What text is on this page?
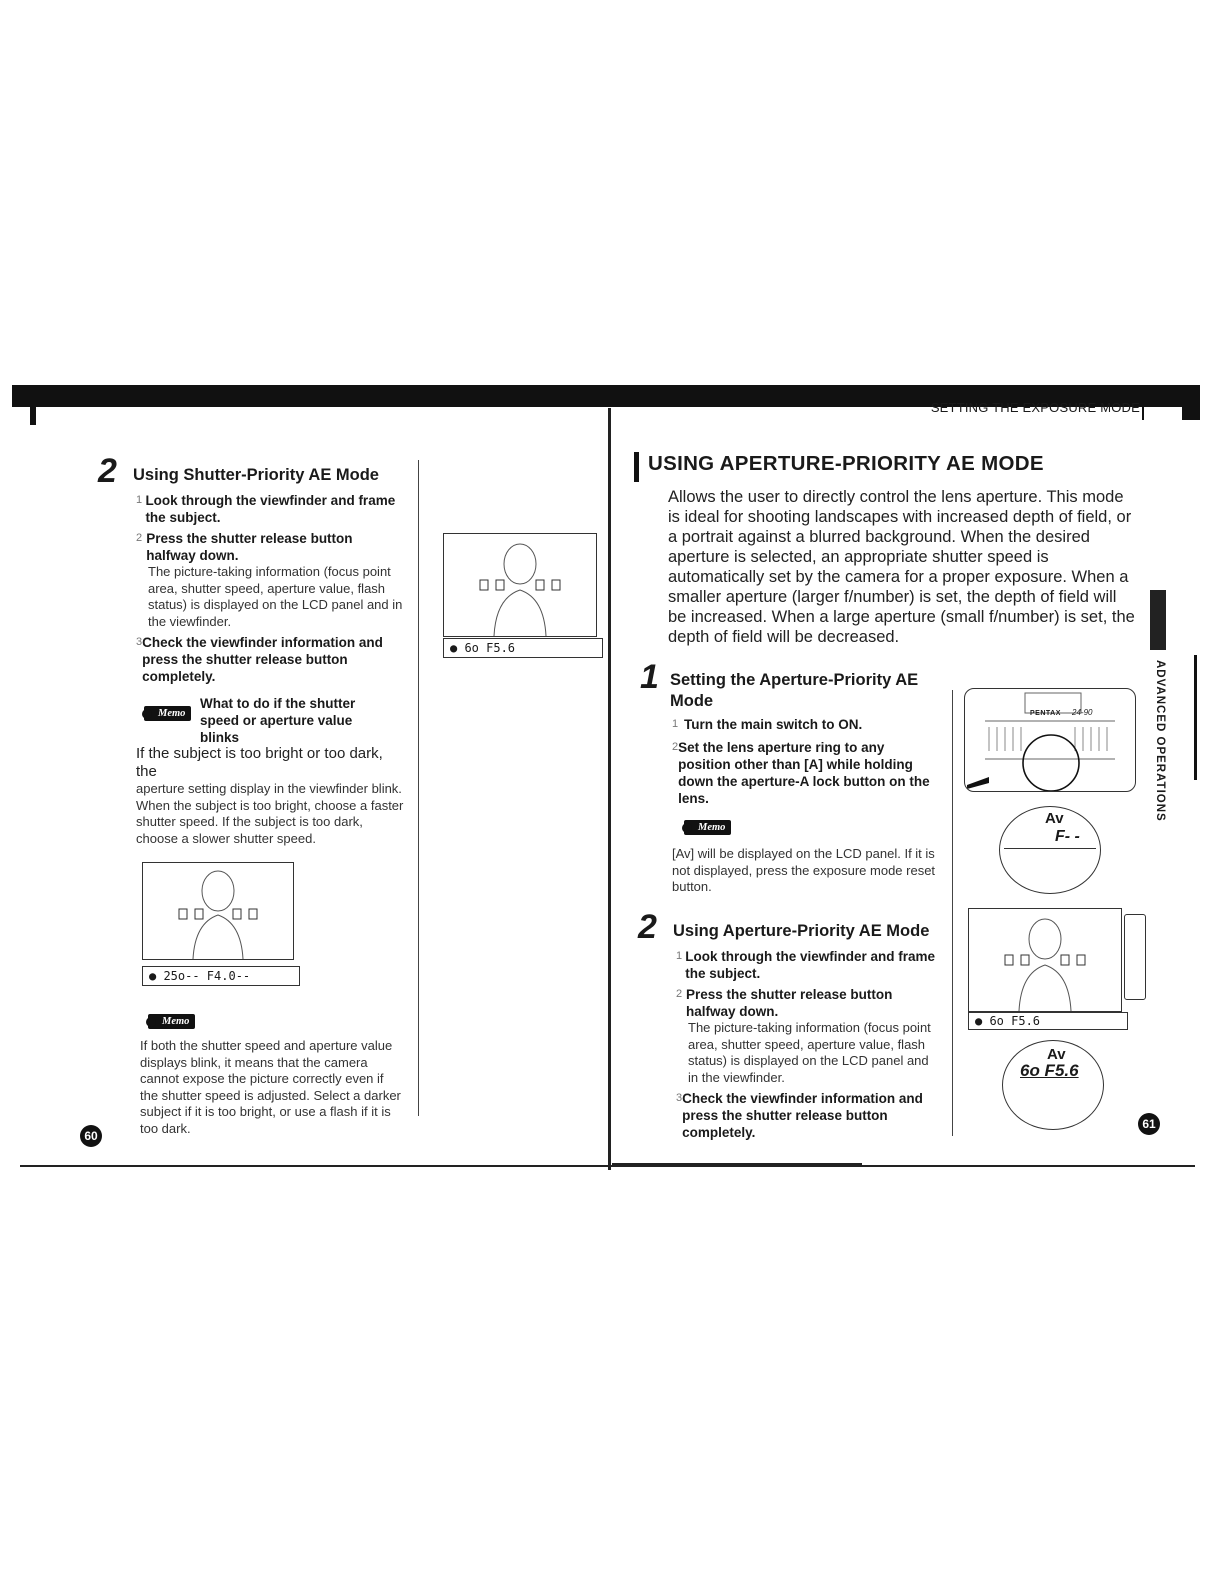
SETTING THE EXPOSURE MODE
2 Using Shutter-Priority AE Mode
1 Look through the viewfinder and frame the subject.
2 Press the shutter release button halfway down.
The picture-taking information (focus point area, shutter speed, aperture value, flash status) is displayed on the LCD panel and in the viewfinder.
3 Check the viewfinder information and press the shutter release button completely.
Memo
What to do if the shutter speed or aperture value blinks
If the subject is too bright or too dark, the
aperture setting display in the viewfinder blink. When the subject is too bright, choose a faster shutter speed. If the subject is too dark, choose a slower shutter speed.
● 25o-- F4.0--
Memo
If both the shutter speed and aperture value displays blink, it means that the camera cannot expose the picture correctly even if the shutter speed is adjusted. Select a darker subject if it is too bright, or use a flash if it is too dark.
● 6o F5.6
60
USING APERTURE-PRIORITY AE MODE
Allows the user to directly control the lens aperture. This mode is ideal for shooting landscapes with increased depth of field, or a portrait against a blurred background. When the desired aperture is selected, an appropriate shutter speed is automatically set by the camera for a proper exposure. When a smaller aperture (larger f/number) is set, the depth of field will be increased. When a large aperture (small f/number) is set, the depth of field will be decreased.
1 Setting the Aperture-Priority AE Mode
1 Turn the main switch to ON.
2 Set the lens aperture ring to any position other than [A] while holding down the aperture-A lock button on the lens.
Memo
[Av] will be displayed on the LCD panel. If it is not displayed, press the exposure mode reset button.
2 Using Aperture-Priority AE Mode
1 Look through the viewfinder and frame the subject.
2 Press the shutter release button halfway down.
The picture-taking information (focus point area, shutter speed, aperture value, flash status) is displayed on the LCD panel and in the viewfinder.
3 Check the viewfinder information and press the shutter release button completely.
PENTAX 24-90
Av
F- -
● 6o F5.6
Av
6o F5.6
ADVANCED OPERATIONS
61
